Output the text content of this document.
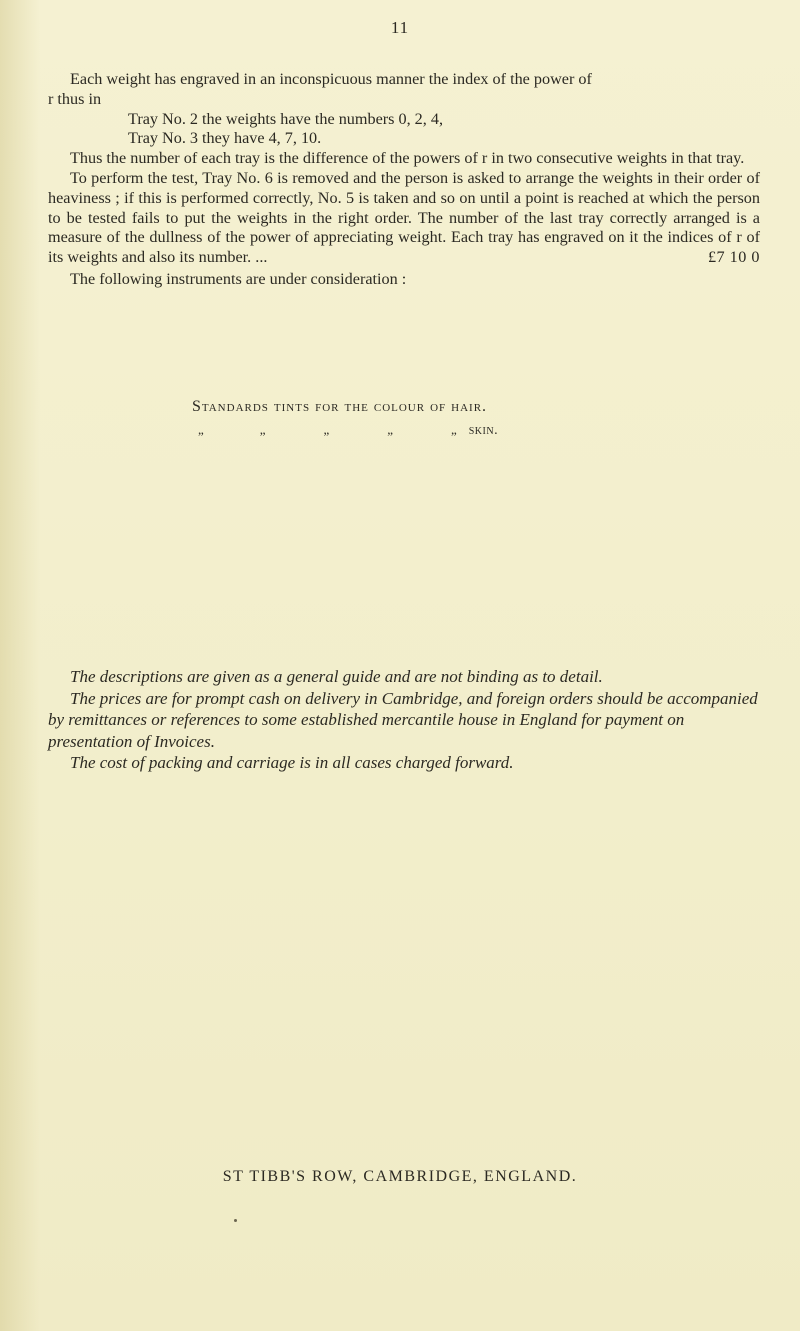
11

Each weight has engraved in an inconspicuous manner the index of the power of

r thus in

Tray No. 2 the weights have the numbers 0, 2, 4,
Tray No. 3 they have 4, 7, 10.

Thus the number of each tray is the difference of the powers of r in two consecutive weights in that tray.

To perform the test, Tray No. 6 is removed and the person is asked to arrange the weights in their order of heaviness ; if this is performed correctly, No. 5 is taken and so on until a point is reached at which the person to be tested fails to put the weights in the right order. The number of the last tray correctly arranged is a measure of the dullness of the power of appreciating weight. Each tray has engraved on it the indices of r of its weights and also its number. ...	£7 10 0

The following instruments are under consideration :

Standards tints for the colour of hair.
„	„	„	„	„ skin.

The descriptions are given as a general guide and are not binding as to detail.

The prices are for prompt cash on delivery in Cambridge, and foreign orders should be accompanied by remittances or references to some established mercantile house in England for payment on presentation of Invoices.

The cost of packing and carriage is in all cases charged forward.

ST TIBB'S ROW, CAMBRIDGE, ENGLAND.
